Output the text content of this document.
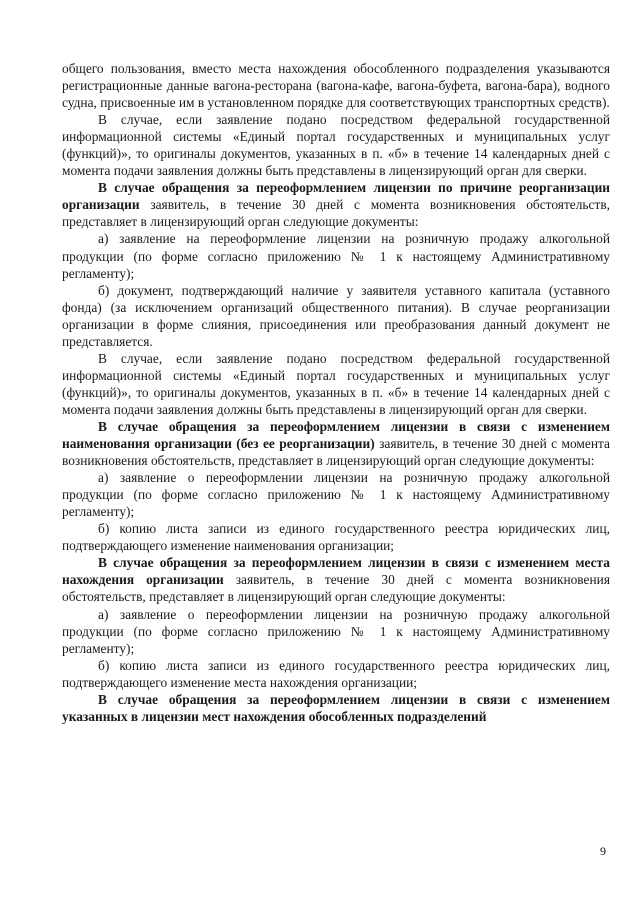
общего пользования, вместо места нахождения обособленного подразделения указываются регистрационные данные вагона-ресторана (вагона-кафе, вагона-буфета, вагона-бара), водного судна, присвоенные им в установленном порядке для соответствующих транспортных средств).

В случае, если заявление подано посредством федеральной государственной информационной системы «Единый портал государственных и муниципальных услуг (функций)», то оригиналы документов, указанных в п. «б» в течение 14 календарных дней с момента подачи заявления должны быть представлены в лицензирующий орган для сверки.

В случае обращения за переоформлением лицензии по причине реорганизации организации заявитель, в течение 30 дней с момента возникновения обстоятельств, представляет в лицензирующий орган следующие документы:

а) заявление на переоформление лицензии на розничную продажу алкогольной продукции (по форме согласно приложению № 1 к настоящему Административному регламенту);

б) документ, подтверждающий наличие у заявителя уставного капитала (уставного фонда) (за исключением организаций общественного питания). В случае реорганизации организации в форме слияния, присоединения или преобразования данный документ не представляется.

В случае, если заявление подано посредством федеральной государственной информационной системы «Единый портал государственных и муниципальных услуг (функций)», то оригиналы документов, указанных в п. «б» в течение 14 календарных дней с момента подачи заявления должны быть представлены в лицензирующий орган для сверки.

В случае обращения за переоформлением лицензии в связи с изменением наименования организации (без ее реорганизации) заявитель, в течение 30 дней с момента возникновения обстоятельств, представляет в лицензирующий орган следующие документы:

а) заявление о переоформлении лицензии на розничную продажу алкогольной продукции (по форме согласно приложению № 1 к настоящему Административному регламенту);

б) копию листа записи из единого государственного реестра юридических лиц, подтверждающего изменение наименования организации;

В случае обращения за переоформлением лицензии в связи с изменением места нахождения организации заявитель, в течение 30 дней с момента возникновения обстоятельств, представляет в лицензирующий орган следующие документы:

а) заявление о переоформлении лицензии на розничную продажу алкогольной продукции (по форме согласно приложению № 1 к настоящему Административному регламенту);

б) копию листа записи из единого государственного реестра юридических лиц, подтверждающего изменение места нахождения организации;

В случае обращения за переоформлением лицензии в связи с изменением указанных в лицензии мест нахождения обособленных подразделений

9
